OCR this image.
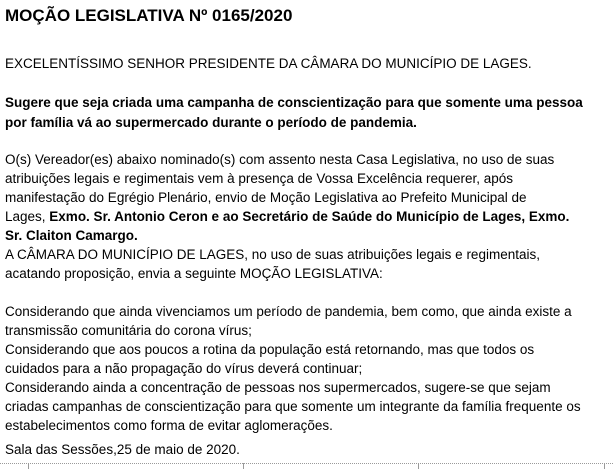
MOÇÃO LEGISLATIVA Nº 0165/2020
EXCELENTÍSSIMO SENHOR PRESIDENTE DA CÂMARA DO MUNICÍPIO DE LAGES.
Sugere que seja criada uma campanha de conscientização para que somente uma pessoa
por família vá ao supermercado durante o período de pandemia.
O(s) Vereador(es) abaixo nominado(s) com assento nesta Casa Legislativa, no uso de suas
atribuições legais e regimentais vem à presença de Vossa Excelência requerer, após
manifestação do Egrégio Plenário, envio de Moção Legislativa ao Prefeito Municipal de
Lages, Exmo. Sr. Antonio Ceron e ao Secretário de Saúde do Município de Lages, Exmo.
Sr. Claiton Camargo.
A CÂMARA DO MUNICÍPIO DE LAGES, no uso de suas atribuições legais e regimentais,
acatando proposição, envia a seguinte MOÇÃO LEGISLATIVA:
Considerando que ainda vivenciamos um período de pandemia, bem como, que ainda existe a
transmissão comunitária do corona vírus;
Considerando que aos poucos a rotina da população está retornando, mas que todos os
cuidados para a não propagação do vírus deverá continuar;
Considerando ainda a concentração de pessoas nos supermercados, sugere-se que sejam
criadas campanhas de conscientização para que somente um integrante da família frequente os
estabelecimentos como forma de evitar aglomerações.
Sala das Sessões,25 de maio de 2020.
